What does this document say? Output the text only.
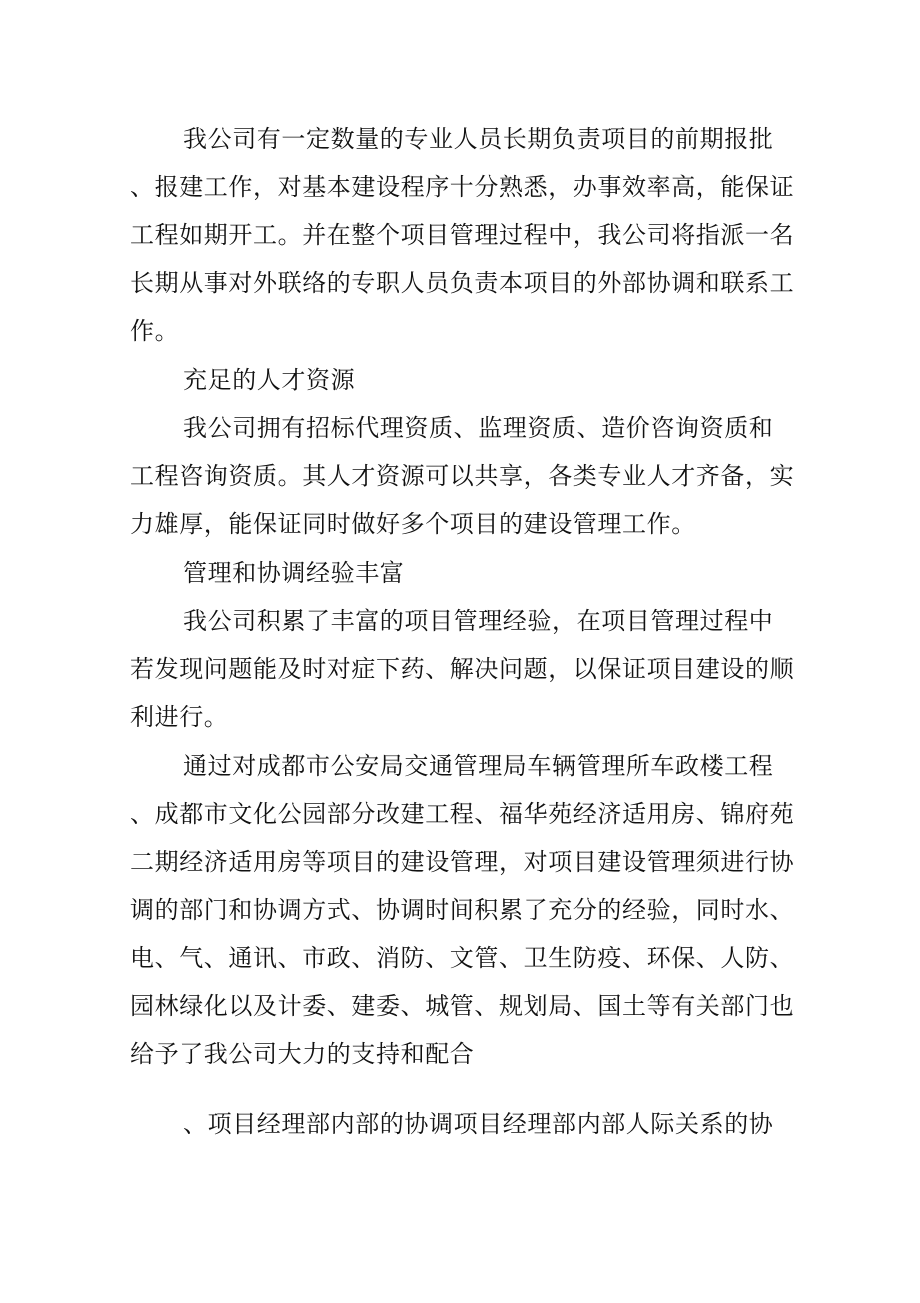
我公司有一定数量的专业人员长期负责项目的前期报批
、报建工作，对基本建设程序十分熟悉，办事效率高，能保证
工程如期开工。并在整个项目管理过程中，我公司将指派一名
长期从事对外联络的专职人员负责本项目的外部协调和联系工
作。
充足的人才资源
我公司拥有招标代理资质、监理资质、造价咨询资质和
工程咨询资质。其人才资源可以共享，各类专业人才齐备，实
力雄厚，能保证同时做好多个项目的建设管理工作。
管理和协调经验丰富
我公司积累了丰富的项目管理经验，在项目管理过程中
若发现问题能及时对症下药、解决问题，以保证项目建设的顺
利进行。
通过对成都市公安局交通管理局车辆管理所车政楼工程
、成都市文化公园部分改建工程、福华苑经济适用房、锦府苑
二期经济适用房等项目的建设管理，对项目建设管理须进行协
调的部门和协调方式、协调时间积累了充分的经验，同时水、
电、气、通讯、市政、消防、文管、卫生防疫、环保、人防、
园林绿化以及计委、建委、城管、规划局、国土等有关部门也
给予了我公司大力的支持和配合
、项目经理部内部的协调项目经理部内部人际关系的协
